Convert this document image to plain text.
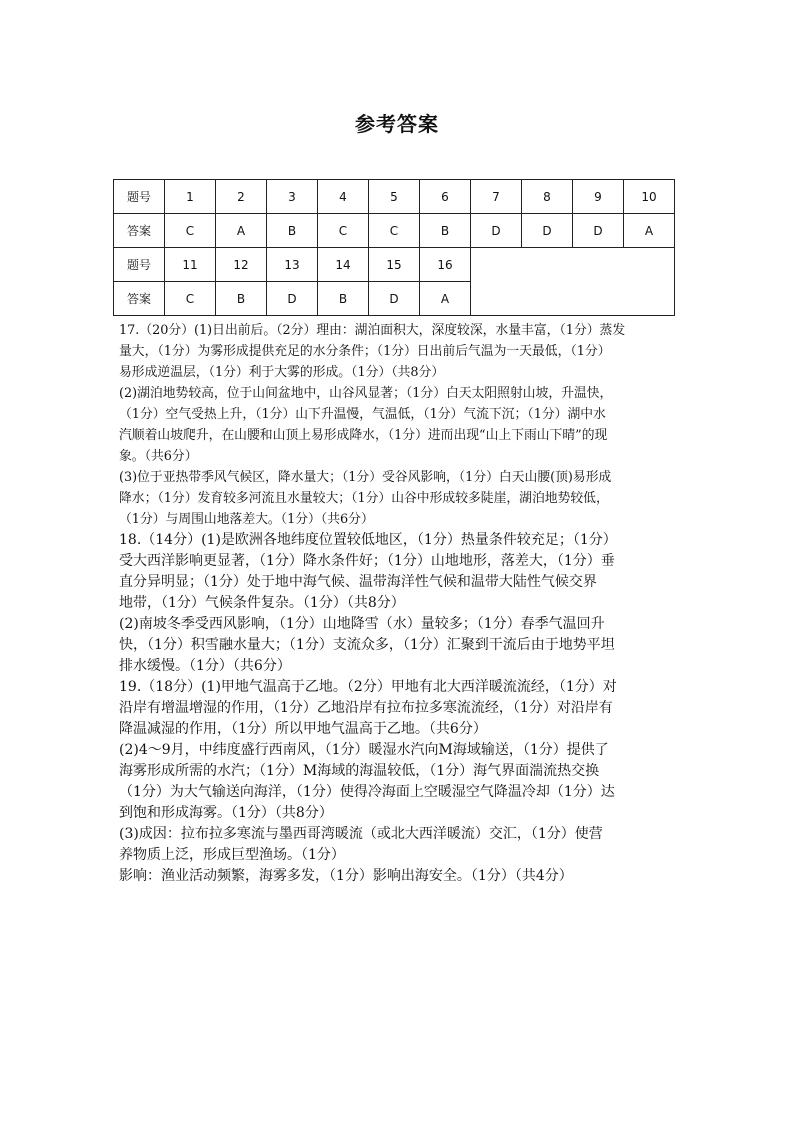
参考答案
题号	1	2	3	4	5	6	7	8	9	10
答案	C	A	B	C	C	B	D	D	D	A
题号	11	12	13	14	15	16				
答案	C	B	D	B	D	A				

17.（20分）(1)日出前后。（2分）理由：湖泊面积大，深度较深，水量丰富，（1分）蒸发
量大，（1分）为雾形成提供充足的水分条件；（1分）日出前后气温为一天最低，（1分）
易形成逆温层，（1分）利于大雾的形成。（1分）（共8分）
(2)湖泊地势较高，位于山间盆地中，山谷风显著；（1分）白天太阳照射山坡，升温快，
（1分）空气受热上升，（1分）山下升温慢，气温低，（1分）气流下沉；（1分）湖中水
汽顺着山坡爬升，在山腰和山顶上易形成降水，（1分）进而出现“山上下雨山下晴”的现
象。（共6分）
(3)位于亚热带季风气候区，降水量大；（1分）受谷风影响，（1分）白天山腰(顶)易形成
降水；（1分）发育较多河流且水量较大；（1分）山谷中形成较多陡崖，湖泊地势较低，
（1分）与周围山地落差大。（1分）（共6分）

18.（14分）(1)是欧洲各地纬度位置较低地区，（1分）热量条件较充足；（1分）
受大西洋影响更显著，（1分）降水条件好；（1分）山地地形，落差大，（1分）垂
直分异明显；（1分）处于地中海气候、温带海洋性气候和温带大陆性气候交界
地带，（1分）气候条件复杂。（1分）（共8分）
(2)南坡冬季受西风影响，（1分）山地降雪（水）量较多；（1分）春季气温回升
快，（1分）积雪融水量大；（1分）支流众多，（1分）汇聚到干流后由于地势平坦
排水缓慢。（1分）（共6分）

19.（18分）(1)甲地气温高于乙地。（2分）甲地有北大西洋暖流流经，（1分）对
沿岸有增温增湿的作用，（1分）乙地沿岸有拉布拉多寒流流经，（1分）对沿岸有
降温减湿的作用，（1分）所以甲地气温高于乙地。（共6分）
(2)4～9月，中纬度盛行西南风，（1分）暖湿水汽向M海域输送，（1分）提供了
海雾形成所需的水汽；（1分）M海域的海温较低，（1分）海气界面湍流热交换
（1分）为大气输送向海洋，（1分）使得冷海面上空暖湿空气降温冷却（1分）达
到饱和形成海雾。（1分）（共8分）
(3)成因：拉布拉多寒流与墨西哥湾暖流（或北大西洋暖流）交汇，（1分）使营
养物质上泛，形成巨型渔场。（1分）
影响：渔业活动频繁，海雾多发，（1分）影响出海安全。（1分）（共4分）
